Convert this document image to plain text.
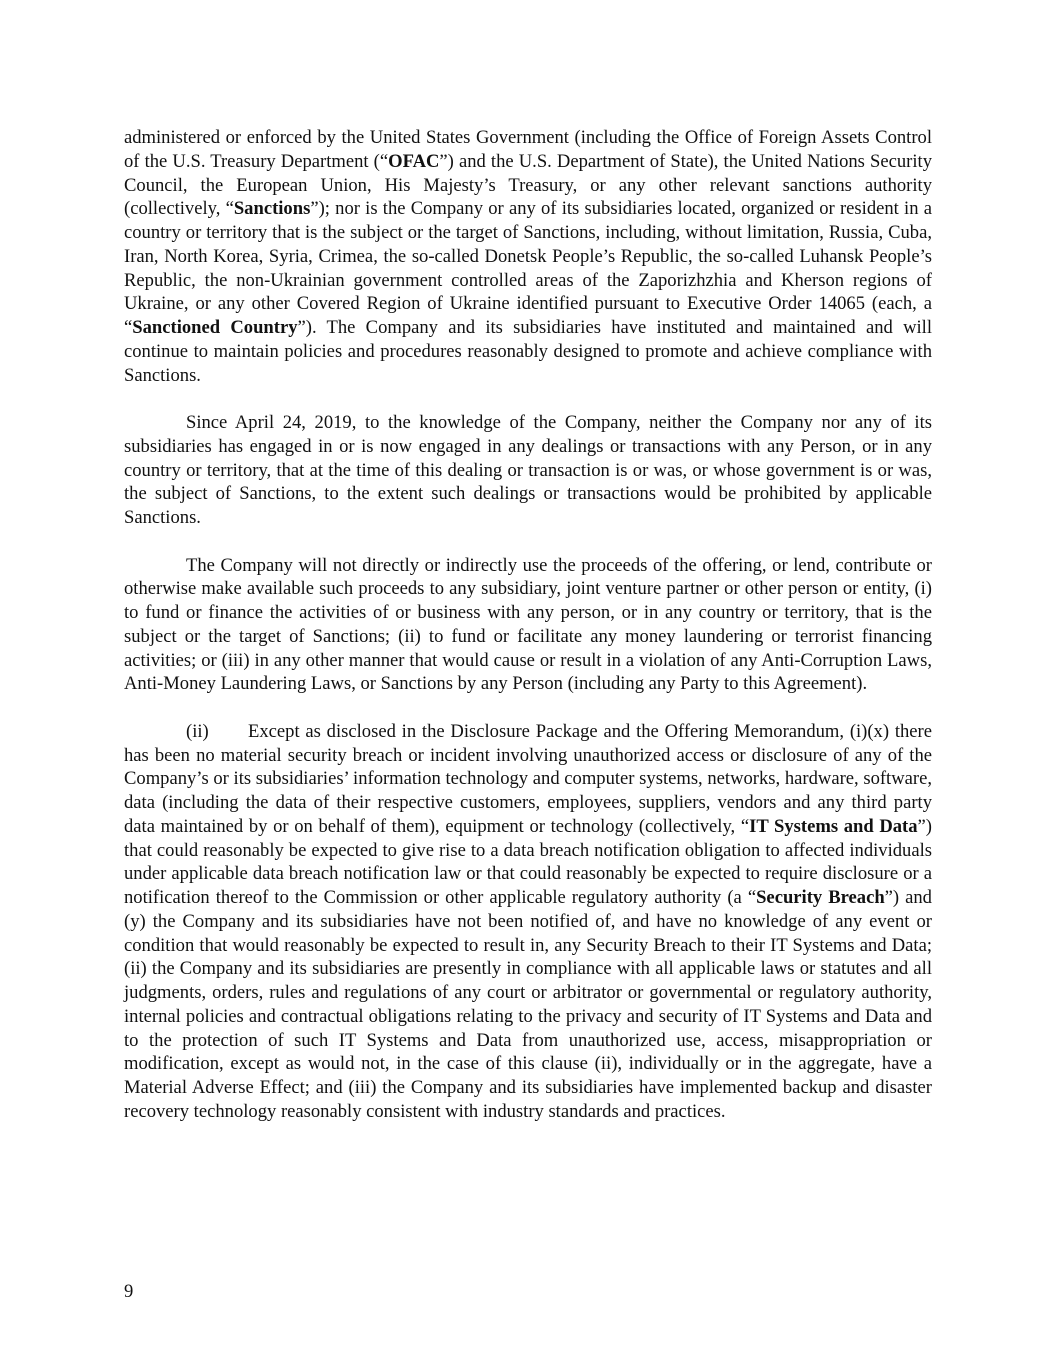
administered or enforced by the United States Government (including the Office of Foreign Assets Control of the U.S. Treasury Department (“OFAC”) and the U.S. Department of State), the United Nations Security Council, the European Union, His Majesty’s Treasury, or any other relevant sanctions authority (collectively, “Sanctions”); nor is the Company or any of its subsidiaries located, organized or resident in a country or territory that is the subject or the target of Sanctions, including, without limitation, Russia, Cuba, Iran, North Korea, Syria, Crimea, the so-called Donetsk People’s Republic, the so-called Luhansk People’s Republic, the non-Ukrainian government controlled areas of the Zaporizhzhia and Kherson regions of Ukraine, or any other Covered Region of Ukraine identified pursuant to Executive Order 14065 (each, a “Sanctioned Country”). The Company and its subsidiaries have instituted and maintained and will continue to maintain policies and procedures reasonably designed to promote and achieve compliance with Sanctions.

Since April 24, 2019, to the knowledge of the Company, neither the Company nor any of its subsidiaries has engaged in or is now engaged in any dealings or transactions with any Person, or in any country or territory, that at the time of this dealing or transaction is or was, or whose government is or was, the subject of Sanctions, to the extent such dealings or transactions would be prohibited by applicable Sanctions.

The Company will not directly or indirectly use the proceeds of the offering, or lend, contribute or otherwise make available such proceeds to any subsidiary, joint venture partner or other person or entity, (i) to fund or finance the activities of or business with any person, or in any country or territory, that is the subject or the target of Sanctions; (ii) to fund or facilitate any money laundering or terrorist financing activities; or (iii) in any other manner that would cause or result in a violation of any Anti-Corruption Laws, Anti-Money Laundering Laws, or Sanctions by any Person (including any Party to this Agreement).

(ii) Except as disclosed in the Disclosure Package and the Offering Memorandum, (i)(x) there has been no material security breach or incident involving unauthorized access or disclosure of any of the Company’s or its subsidiaries’ information technology and computer systems, networks, hardware, software, data (including the data of their respective customers, employees, suppliers, vendors and any third party data maintained by or on behalf of them), equipment or technology (collectively, “IT Systems and Data”) that could reasonably be expected to give rise to a data breach notification obligation to affected individuals under applicable data breach notification law or that could reasonably be expected to require disclosure or a notification thereof to the Commission or other applicable regulatory authority (a “Security Breach”) and (y) the Company and its subsidiaries have not been notified of, and have no knowledge of any event or condition that would reasonably be expected to result in, any Security Breach to their IT Systems and Data; (ii) the Company and its subsidiaries are presently in compliance with all applicable laws or statutes and all judgments, orders, rules and regulations of any court or arbitrator or governmental or regulatory authority, internal policies and contractual obligations relating to the privacy and security of IT Systems and Data and to the protection of such IT Systems and Data from unauthorized use, access, misappropriation or modification, except as would not, in the case of this clause (ii), individually or in the aggregate, have a Material Adverse Effect; and (iii) the Company and its subsidiaries have implemented backup and disaster recovery technology reasonably consistent with industry standards and practices.

9
